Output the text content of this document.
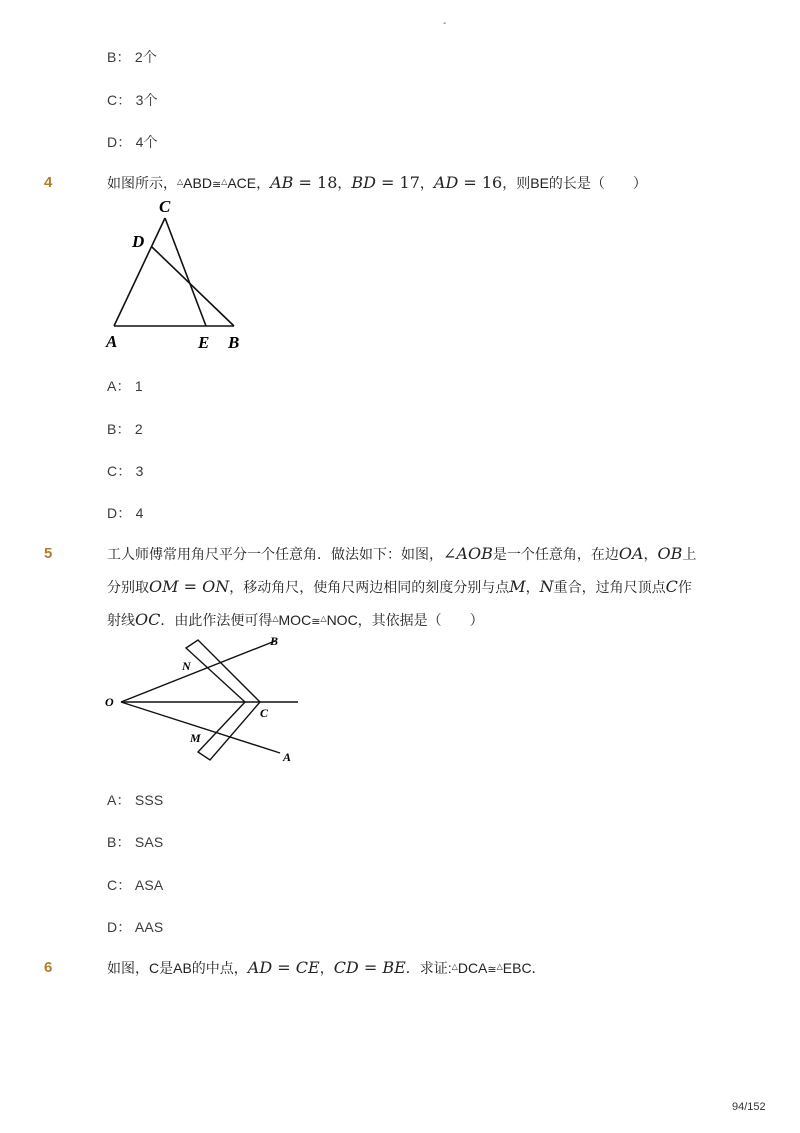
-
B： 2个
C： 3个
D： 4个
4	如图所示，△ABD≅△ACE，AB = 18，BD = 17，AD = 16，则BE的长是（　　）
C
D
A	E B
A： 1
B： 2
C： 3
D： 4
5	工人师傅常用角尺平分一个任意角．做法如下：如图，∠AOB是一个任意角，在边OA，OB上
分别取OM = ON，移动角尺，使角尺两边相同的刻度分别与点M，N重合，过角尺顶点C作
射线OC．由此作法便可得△MOC≅△NOC，其依据是（　　）
B
A
O
C
N
M
A： SSS
B： SAS
C： ASA
D： AAS
6	如图，C是AB的中点，AD = CE，CD = BE．求证:△DCA≅△EBC．
94/152
